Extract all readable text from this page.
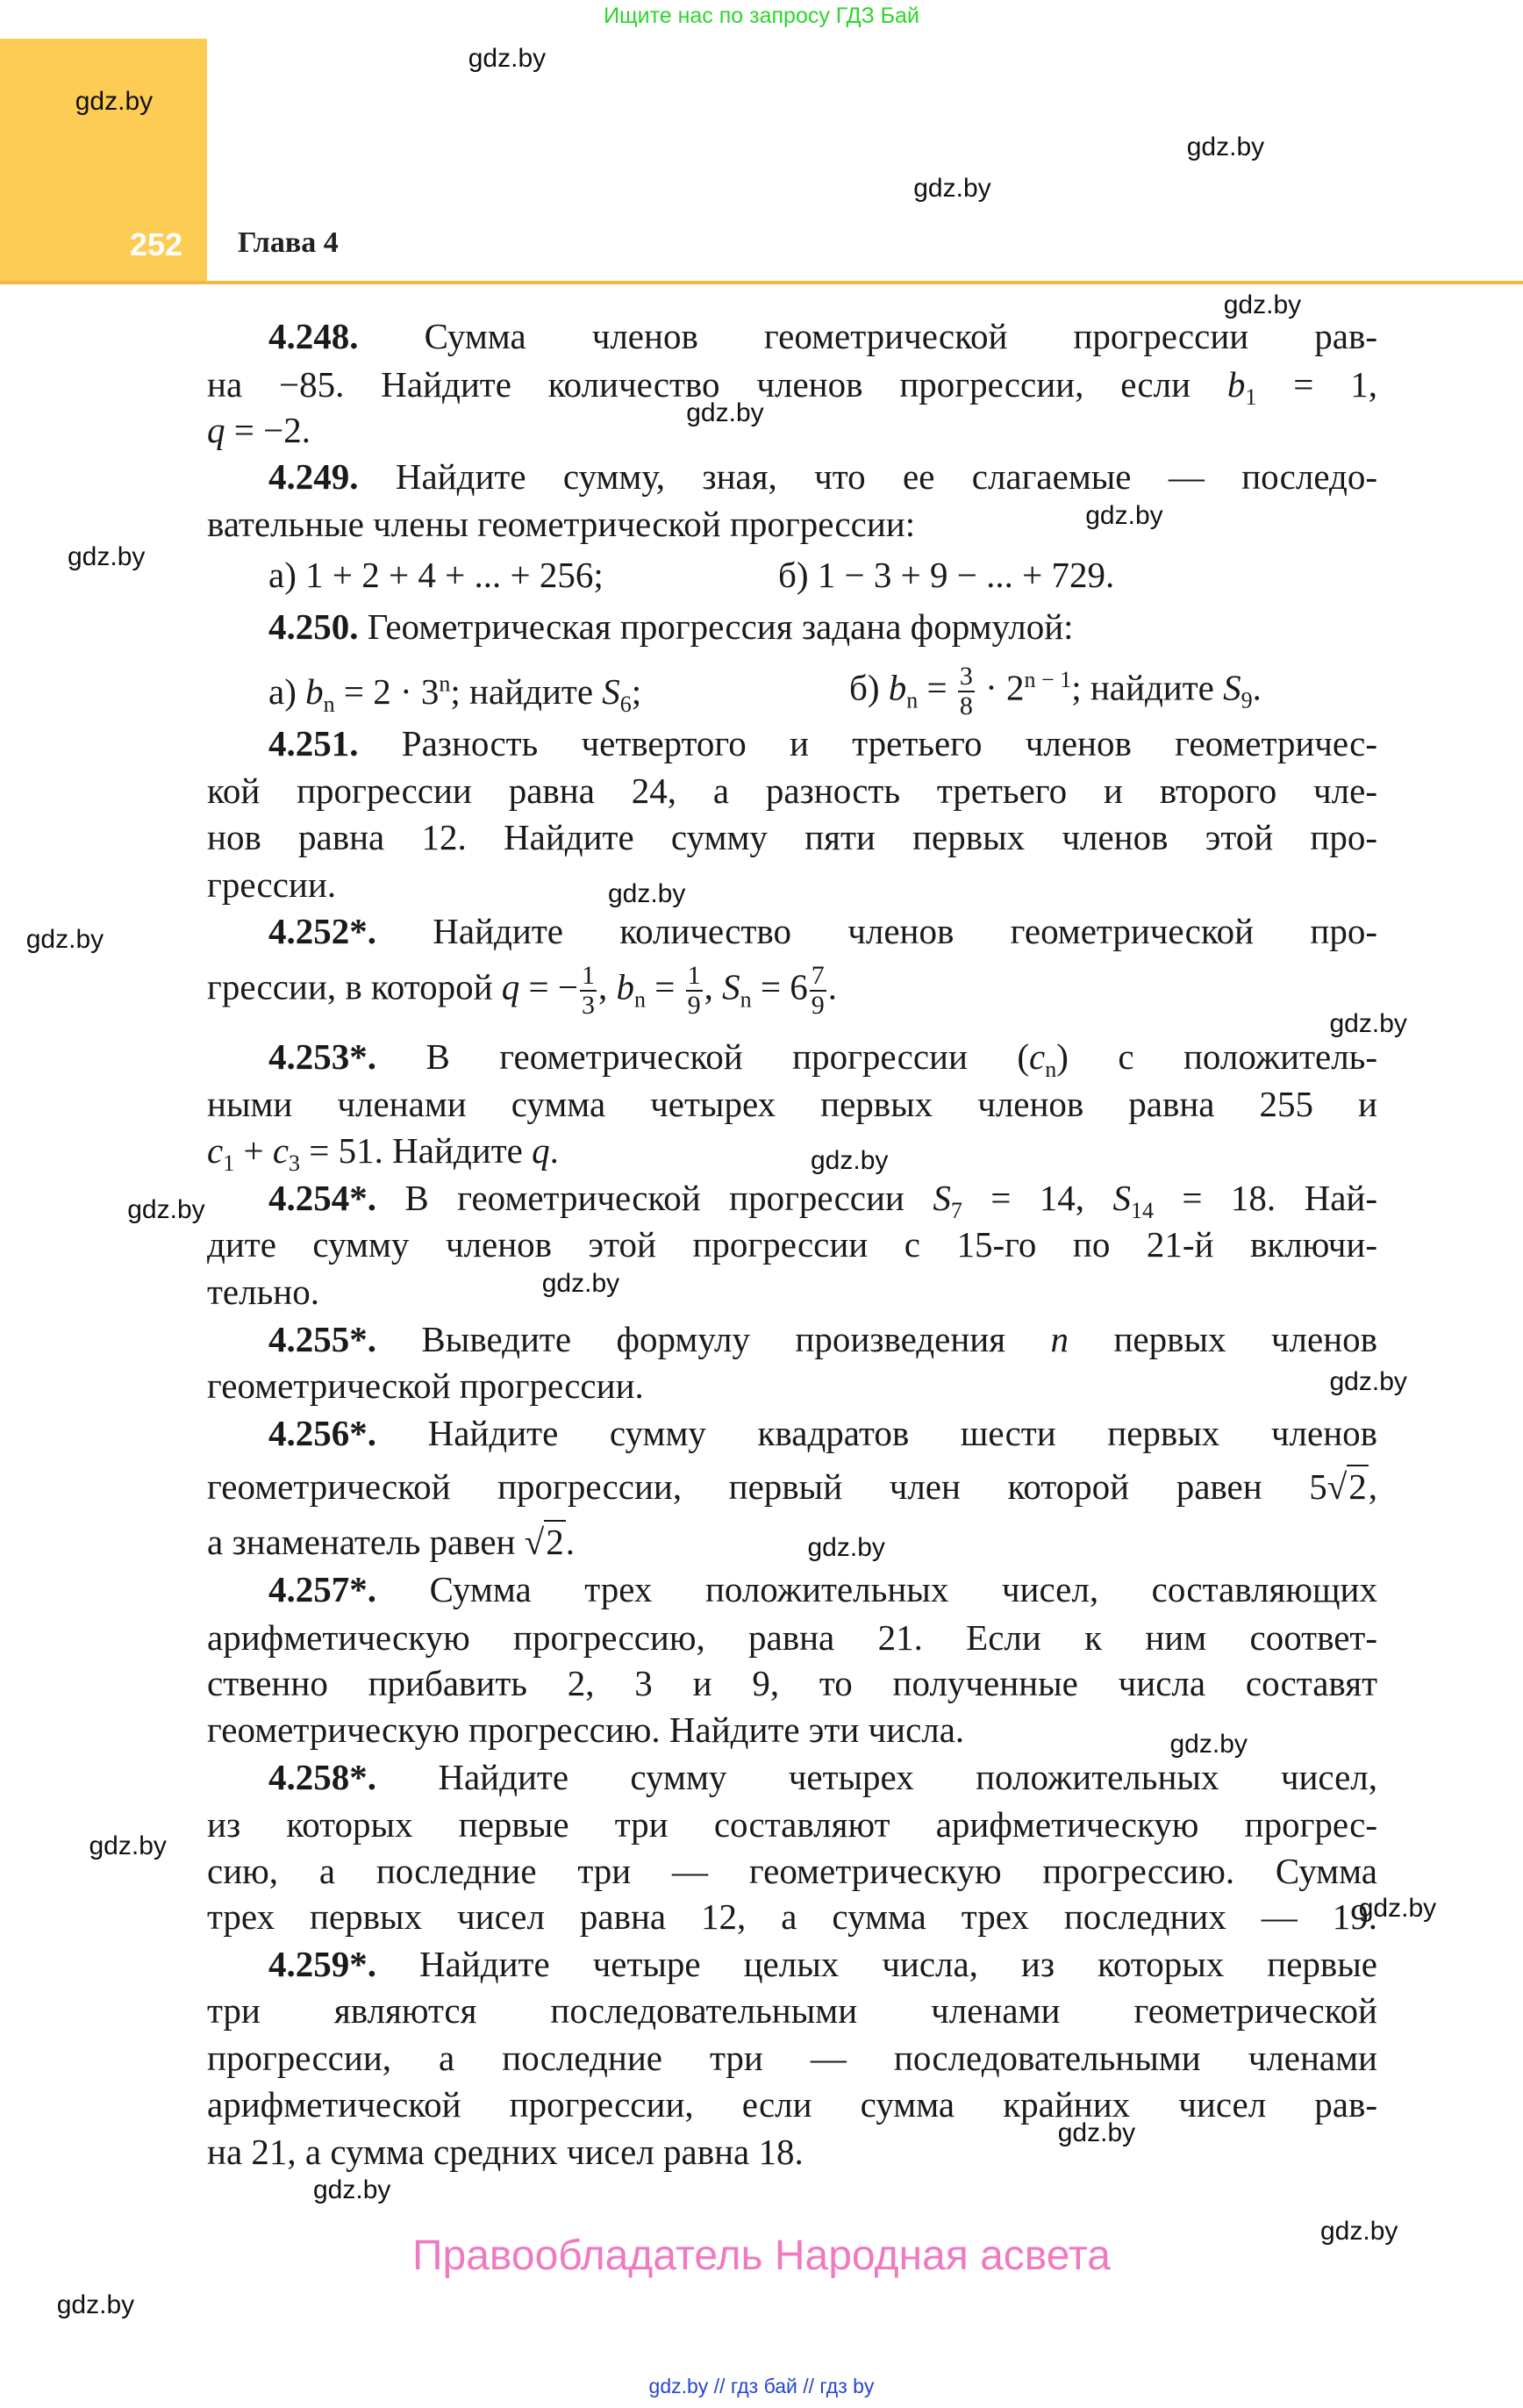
Ищите нас по запросу ГДЗ Бай
252 Глава 4
gdz.by
gdz.by
gdz.by
gdz.by
gdz.by
gdz.by
gdz.by
gdz.by
gdz.by
gdz.by
gdz.by
gdz.by
gdz.by
gdz.by
gdz.by
gdz.by
gdz.by
gdz.by
gdz.by
gdz.by
gdz.by
gdz.by
gdz.by
4.248. Сумма членов геометрической прогрессии рав-
на −85. Найдите количество членов прогрессии, если $b_1 = 1$,
q = −2.
4.249. Найдите сумму, зная, что ее слагаемые — последо-
вательные члены геометрической прогрессии:
а) 1 + 2 + 4 + ... + 256;	б) 1 − 3 + 9 − ... + 729.
4.250. Геометрическая прогрессия задана формулой:
а) $b_n = 2 \cdot 3^n$; найдите $S_6$;	б) $b_n = \frac{3}{8} \cdot 2^{n - 1}$; найдите $S_9$.
4.251. Разность четвертого и третьего членов геометричес-
кой прогрессии равна 24, а разность третьего и второго чле-
нов равна 12. Найдите сумму пяти первых членов этой про-
грессии.
4.252*. Найдите количество членов геометрической про-
грессии, в которой q = − $\frac{1}{3}$ , $b_n = \frac{1}{9}$ , $S_n = 6 \frac{7}{9}$ .
4.253*. В геометрической прогрессии $(c_n)$ с положитель-
ными членами сумма четырех первых членов равна 255 и
$c_1 + c_3 = 51$. Найдите q.
4.254*. В геометрической прогрессии $S_7 = 14$, $S_{14} = 18$. Най-
дите сумму членов этой прогрессии с 15-го по 21-й включи-
тельно.
4.255*. Выведите формулу произведения n первых членов
геометрической прогрессии.
4.256*. Найдите сумму квадратов шести первых членов
геометрической прогрессии, первый член которой равен 5√2,
а знаменатель равен √2.
4.257*. Сумма трех положительных чисел, составляющих
арифметическую прогрессию, равна 21. Если к ним соответ-
ственно прибавить 2, 3 и 9, то полученные числа составят
геометрическую прогрессию. Найдите эти числа.
4.258*. Найдите сумму четырех положительных чисел,
из которых первые три составляют арифметическую прогрес-
сию, а последние три — геометрическую прогрессию. Сумма
трех первых чисел равна 12, а сумма трех последних — 19.
4.259*. Найдите четыре целых числа, из которых первые
три являются последовательными членами геометрической
прогрессии, а последние три — последовательными членами
арифметической прогрессии, если сумма крайних чисел рав-
на 21, а сумма средних чисел равна 18.
Правообладатель Народная асвета
gdz.by // гдз бай // гдз by
